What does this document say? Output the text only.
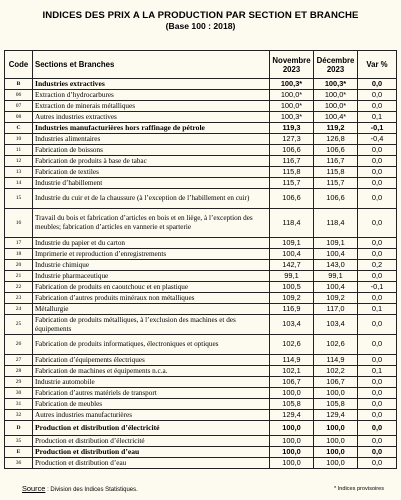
INDICES DES PRIX A LA PRODUCTION PAR SECTION ET BRANCHE
(Base 100 : 2018)
Code	Sections et Branches	Novembre 2023	Décembre 2023	Var %
B	Industries extractives	100,3*	100,3*	0,0
06	Extraction d’hydrocarbures	100,0*	100,0*	0,0
07	Extraction de minerais métalliques	100,0*	100,0*	0,0
08	Autres industries extractives	100,3*	100,4*	0,1
C	Industries manufacturières hors raffinage de pétrole	119,3	119,2	-0,1
10	Industries alimentaires	127,3	126,8	-0,4
11	Fabrication de boissons	106,6	106,6	0,0
12	Fabrication de produits à base de tabac	116,7	116,7	0,0
13	Fabrication de textiles	115,8	115,8	0,0
14	Industrie d’habillement	115,7	115,7	0,0
15	Industrie du cuir et de la chaussure (à l’exception de l’habillement en cuir)	106,6	106,6	0,0
16	Travail du bois et fabrication d’articles en bois et en liège, à l’exception des meubles; fabrication d’articles en vannerie et sparterie	118,4	118,4	0,0
17	Industrie du papier et du carton	109,1	109,1	0,0
18	Imprimerie et reproduction d’enregistrements	100,4	100,4	0,0
20	Industrie chimique	142,7	143,0	0,2
21	Industrie pharmaceutique	99,1	99,1	0,0
22	Fabrication de produits en caoutchouc et en plastique	100,5	100,4	-0,1
23	Fabrication d’autres produits minéraux non métalliques	109,2	109,2	0,0
24	Métallurgie	116,9	117,0	0,1
25	Fabrication de produits métalliques, à l’exclusion des machines et des équipements	103,4	103,4	0,0
26	Fabrication de produits informatiques, électroniques et optiques	102,6	102,6	0,0
27	Fabrication d’équipements électriques	114,9	114,9	0,0
28	Fabrication de machines et équipements n.c.a.	102,1	102,2	0,1
29	Industrie automobile	106,7	106,7	0,0
30	Fabrication d’autres matériels de transport	100,0	100,0	0,0
31	Fabrication de meubles	105,8	105,8	0,0
32	Autres industries manufacturières	129,4	129,4	0,0
D	Production et distribution d’électricité	100,0	100,0	0,0
35	Production et distribution d’électricité	100,0	100,0	0,0
E	Production et distribution d’eau	100,0	100,0	0,0
36	Production et distribution d’eau	100,0	100,0	0,0
Source : Division des Indices Statistiques.	* Indices provisoires
